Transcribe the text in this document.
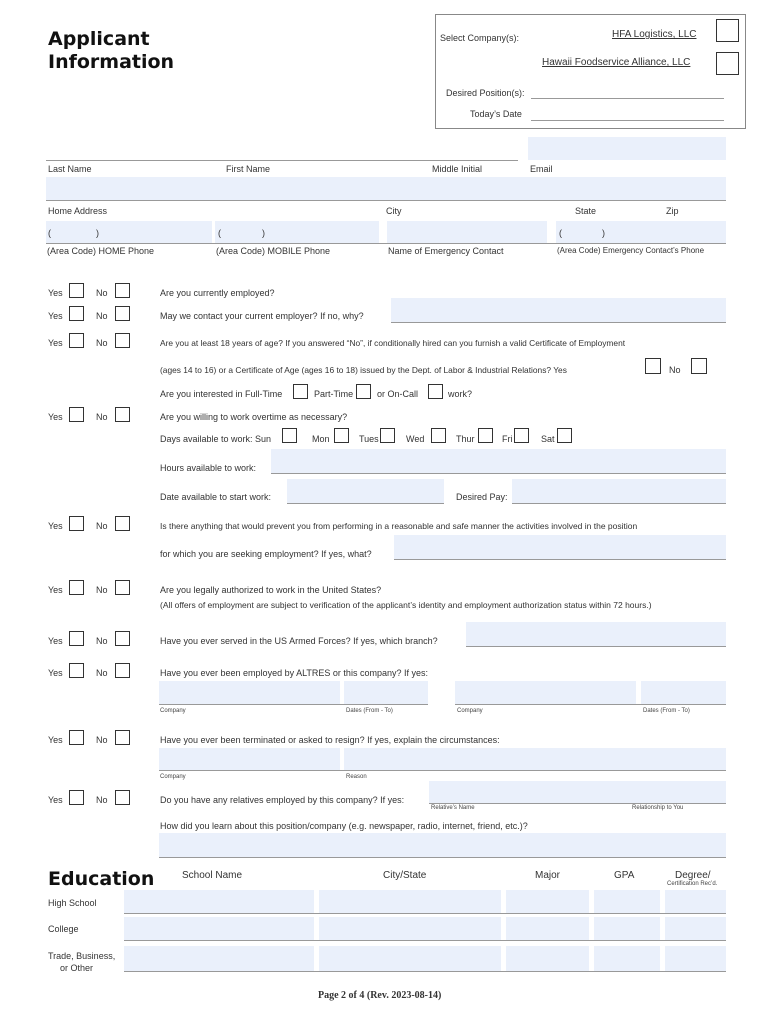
Applicant
Information
Select Company(s):	HFA Logistics, LLC
Hawaii Foodservice Alliance, LLC
Desired Position(s):
Today’s Date
Last Name	First Name	Middle Initial	Email
Home Address	City	State	Zip
(	)	(	)	(	)
(Area Code) HOME Phone	(Area Code) MOBILE Phone	Name of Emergency Contact	(Area Code) Emergency Contact’s Phone
Yes	No	Are you currently employed?
Yes	No	May we contact your current employer? If no, why?
Yes	No	Are you at least 18 years of age? If you answered “No”, if conditionally hired can you furnish a valid Certificate of Employment
(ages 14 to 16) or a Certificate of Age (ages 16 to 18) issued by the Dept. of Labor & Industrial Relations? Yes	No
Are you interested in Full-Time	Part-Time	or On-Call	work?
Yes	No	Are you willing to work overtime as necessary?
Days available to work: Sun	Mon	Tues	Wed	Thur	Fri	Sat
Hours available to work:
Date available to start work:	Desired Pay:
Yes	No	Is there anything that would prevent you from performing in a reasonable and safe manner the activities involved in the position
for which you are seeking employment? If yes, what?
Yes	No	Are you legally authorized to work in the United States?
(All offers of employment are subject to verification of the applicant’s identity and employment authorization status within 72 hours.)
Yes	No	Have you ever served in the US Armed Forces? If yes, which branch?
Yes	No	Have you ever been employed by ALTRES or this company? If yes:
Company	Dates (From - To)	Company	Dates (From - To)
Yes	No	Have you ever been terminated or asked to resign? If yes, explain the circumstances:
Company	Reason
Yes	No	Do you have any relatives employed by this company? If yes:
Relative’s Name	Relationship to You
How did you learn about this position/company (e.g. newspaper, radio, internet, friend, etc.)?
Education	School Name	City/State	Major	GPA	Degree/
Certification Rec’d.
High School
College
Trade, Business,
or Other
Page 2 of 4 (Rev. 2023-08-14)
